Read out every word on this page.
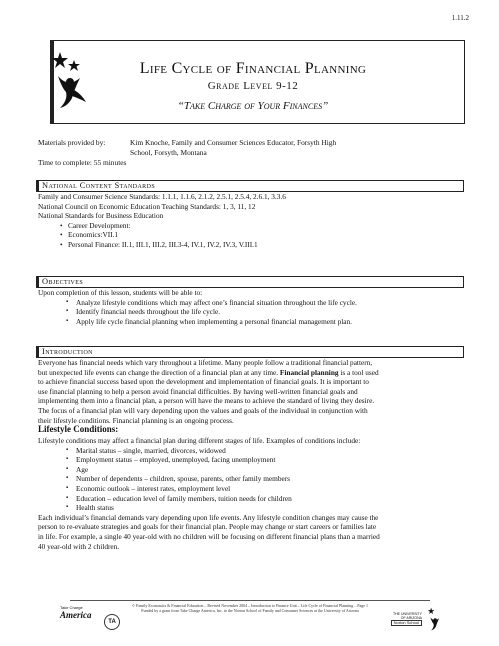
1.11.2
Life Cycle of Financial Planning
Grade Level 9-12
“Take Charge of Your Finances”
Materials provided by:	Kim Knoche, Family and Consumer Sciences Educator, Forsyth High
School, Forsyth, Montana
Time to complete: 55 minutes
National Content Standards
Family and Consumer Science Standards: 1.1.1, 1.1.6, 2.1.2, 2.5.1, 2.5.4, 2.6.1, 3.3.6
National Council on Economic Education Teaching Standards: 1, 3, 11, 12
National Standards for Business Education
• Career Development:
• Economics:VII.1
• Personal Finance: II.1, III.1, III.2, III.3-4, IV.1, IV.2, IV.3, V.III.1
Objectives
Upon completion of this lesson, students will be able to:
▪ Analyze lifestyle conditions which may affect one’s financial situation throughout the life cycle.
▪ Identify financial needs throughout the life cycle.
▪ Apply life cycle financial planning when implementing a personal financial management plan.
Introduction
Everyone has financial needs which vary throughout a lifetime. Many people follow a traditional financial pattern,
but unexpected life events can change the direction of a financial plan at any time. Financial planning is a tool used
to achieve financial success based upon the development and implementation of financial goals. It is important to
use financial planning to help a person avoid financial difficulties. By having well-written financial goals and
implementing them into a financial plan, a person will have the means to achieve the standard of living they desire.
The focus of a financial plan will vary depending upon the values and goals of the individual in conjunction with
their lifestyle conditions. Financial planning is an ongoing process.
Lifestyle Conditions:
Lifestyle conditions may affect a financial plan during different stages of life. Examples of conditions include:
▪ Marital status – single, married, divorces, widowed
▪ Employment status – employed, unemployed, facing unemployment
▪ Age
▪ Number of dependents – children, spouse, parents, other family members
▪ Economic outlook – interest rates, employment level
▪ Education – education level of family members, tuition needs for children
▪ Health status
Each individual’s financial demands vary depending upon life events. Any lifestyle condition changes may cause the
person to re-evaluate strategies and goals for their financial plan. People may change or start careers or families late
in life. For example, a single 40 year-old with no children will be focusing on different financial plans than a married
40 year-old with 2 children.
© Family Economics & Financial Education – Revised November 2004 – Introduction to Finance Unit – Life Cycle of Financial Planning – Page 1
Funded by a grant from Take Charge America, Inc. to the Norton School of Family and Consumer Sciences at the University of Arizona
Take Charge
America
TA
THE UNIVERSITY OF ARIZONA
Norton School
